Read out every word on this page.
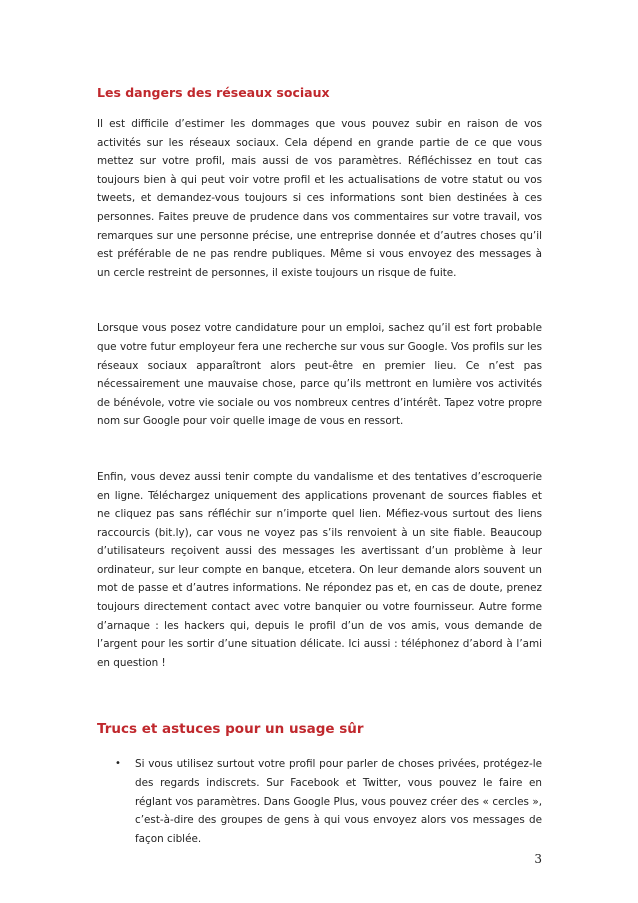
Les dangers des réseaux sociaux

Il est difficile d’estimer les dommages que vous pouvez subir en raison de vos activités sur les réseaux sociaux. Cela dépend en grande partie de ce que vous mettez sur votre profil, mais aussi de vos paramètres. Réfléchissez en tout cas toujours bien à qui peut voir votre profil et les actualisations de votre statut ou vos tweets, et demandez-vous toujours si ces informations sont bien destinées à ces personnes. Faites preuve de prudence dans vos commentaires sur votre travail, vos remarques sur une personne précise, une entreprise donnée et d’autres choses qu’il est préférable de ne pas rendre publiques. Même si vous envoyez des messages à un cercle restreint de personnes, il existe toujours un risque de fuite.

Lorsque vous posez votre candidature pour un emploi, sachez qu’il est fort probable que votre futur employeur fera une recherche sur vous sur Google. Vos profils sur les réseaux sociaux apparaîtront alors peut-être en premier lieu. Ce n’est pas nécessairement une mauvaise chose, parce qu’ils mettront en lumière vos activités de bénévole, votre vie sociale ou vos nombreux centres d’intérêt. Tapez votre propre nom sur Google pour voir quelle image de vous en ressort.

Enfin, vous devez aussi tenir compte du vandalisme et des tentatives d’escroquerie en ligne. Téléchargez uniquement des applications provenant de sources fiables et ne cliquez pas sans réfléchir sur n’importe quel lien. Méfiez-vous surtout des liens raccourcis (bit.ly), car vous ne voyez pas s’ils renvoient à un site fiable. Beaucoup d’utilisateurs reçoivent aussi des messages les avertissant d’un problème à leur ordinateur, sur leur compte en banque, etcetera. On leur demande alors souvent un mot de passe et d’autres informations. Ne répondez pas et, en cas de doute, prenez toujours directement contact avec votre banquier ou votre fournisseur. Autre forme d’arnaque : les hackers qui, depuis le profil d’un de vos amis, vous demande de l’argent pour les sortir d’une situation délicate. Ici aussi : téléphonez d’abord à l’ami en question !

Trucs et astuces pour un usage sûr
• Si vous utilisez surtout votre profil pour parler de choses privées, protégez-le des regards indiscrets. Sur Facebook et Twitter, vous pouvez le faire en réglant vos paramètres. Dans Google Plus, vous pouvez créer des « cercles », c’est-à-dire des groupes de gens à qui vous envoyez alors vos messages de façon ciblée.
3
